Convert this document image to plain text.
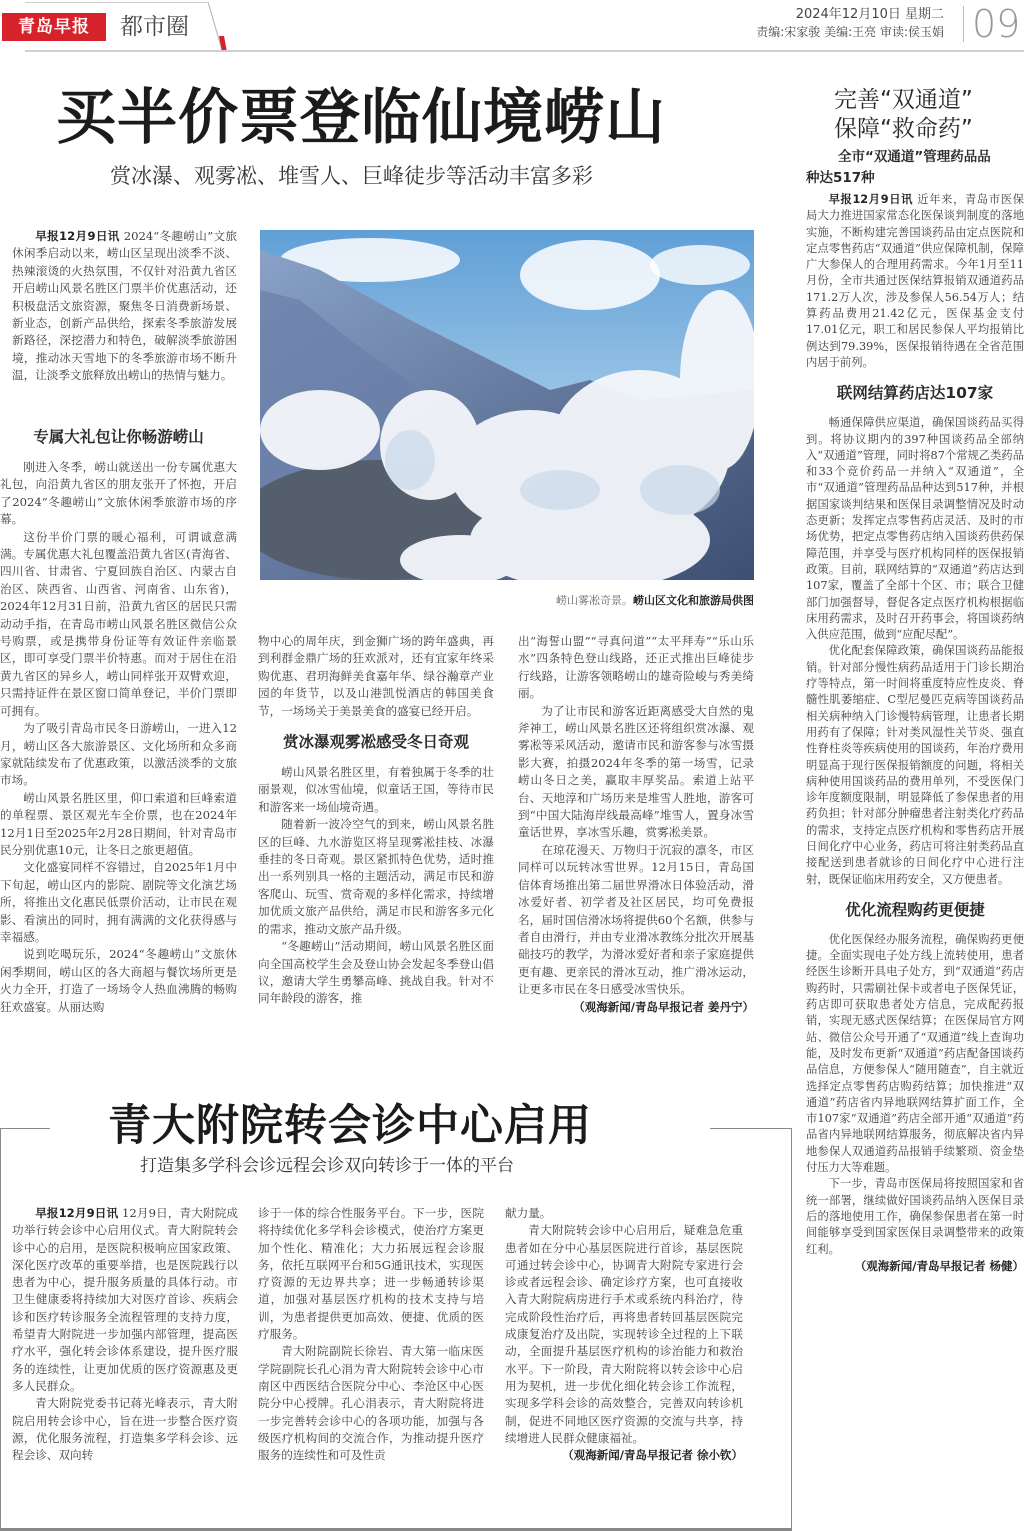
青岛早报	都市圈	2024年12月10日 星期二
责编:宋家骏 美编:王亮 审读:侯玉娟 09
买半价票登临仙境崂山
赏冰瀑、观雾凇、堆雪人、巨峰徒步等活动丰富多彩

早报12月9日讯 2024“冬趣崂山”文旅休闲季启动以来，崂山区呈现出淡季不淡、热辣滚烫的火热氛围，不仅针对沿黄九省区开启崂山风景名胜区门票半价优惠活动，还积极盘活文旅资源，聚焦冬日消费新场景、新业态，创新产品供给，探索冬季旅游发展新路径，深挖潜力和特色，破解淡季旅游困境，推动冰天雪地下的冬季旅游市场不断升温，让淡季文旅释放出崂山的热情与魅力。

专属大礼包让你畅游崂山

刚进入冬季，崂山就送出一份专属优惠大礼包，向沿黄九省区的朋友张开了怀抱，开启了2024“冬趣崂山”文旅休闲季旅游市场的序幕。

这份半价门票的暖心福利，可谓诚意满满。专属优惠大礼包覆盖沿黄九省区(青海省、四川省、甘肃省、宁夏回族自治区、内蒙古自治区、陕西省、山西省、河南省、山东省)，2024年12月31日前，沿黄九省区的居民只需动动手指，在青岛市崂山风景名胜区微信公众号购票，或是携带身份证等有效证件亲临景区，即可享受门票半价特惠。而对于居住在沿黄九省区的异乡人，崂山同样张开双臂欢迎，只需持证件在景区窗口简单登记，半价门票即可拥有。

为了吸引青岛市民冬日游崂山，一进入12月，崂山区各大旅游景区、文化场所和众多商家就陆续发布了优惠政策，以激活淡季的文旅市场。

崂山风景名胜区里，仰口索道和巨峰索道的单程票、景区观光车全价票，也在2024年12月1日至2025年2月28日期间，针对青岛市民分别优惠10元，让冬日之旅更超值。

文化盛宴同样不容错过，自2025年1月中下旬起，崂山区内的影院、剧院等文化演艺场所，将推出文化惠民低票价活动，让市民在观影、看演出的同时，拥有满满的文化获得感与幸福感。

说到吃喝玩乐，2024“冬趣崂山”文旅休闲季期间，崂山区的各大商超与餐饮场所更是火力全开，打造了一场场令人热血沸腾的畅购狂欢盛宴。从丽达购

崂山雾凇奇景。崂山区文化和旅游局供图

物中心的周年庆，到金狮广场的跨年盛典，再到利群金鼎广场的狂欢派对，还有宜家年终采购优惠、君玥海鲜美食嘉年华、绿谷瀚章产业园的年货节，以及山港凯悦酒店的韩国美食节，一场场关于美景美食的盛宴已经开启。

赏冰瀑观雾凇感受冬日奇观

崂山风景名胜区里，有着独属于冬季的壮丽景观，似冰雪仙境，似童话王国，等待市民和游客来一场仙境奇遇。

随着新一波冷空气的到来，崂山风景名胜区的巨峰、九水游览区将呈现雾凇挂枝、冰瀑垂挂的冬日奇观。景区紧抓特色优势，适时推出一系列别具一格的主题活动，满足市民和游客爬山、玩雪、赏奇观的多样化需求，持续增加优质文旅产品供给，满足市民和游客多元化的需求，推动文旅产品升级。

“冬趣崂山”活动期间，崂山风景名胜区面向全国高校学生会及登山协会发起冬季登山倡议，邀请大学生勇攀高峰、挑战自我。针对不同年龄段的游客，推

出“海誓山盟”“寻真问道”“太平拜寿”“乐山乐水”四条特色登山线路，还正式推出巨峰徒步行线路，让游客领略崂山的雄奇险峻与秀美绮丽。

为了让市民和游客近距离感受大自然的鬼斧神工，崂山风景名胜区还将组织赏冰瀑、观雾凇等采风活动，邀请市民和游客参与冰雪摄影大赛，拍摄2024年冬季的第一场雪，记录崂山冬日之美，赢取丰厚奖品。索道上站平台、天地淳和广场历来是堆雪人胜地，游客可到“中国大陆海岸线最高峰”堆雪人，置身冰雪童话世界，享冰雪乐趣，赏雾凇美景。

在琼花漫天、万物归于沉寂的凛冬，市区同样可以玩转冰雪世界。12月15日，青岛国信体育场推出第二届世界滑冰日体验活动，滑冰爱好者、初学者及社区居民，均可免费报名，届时国信滑冰场将提供60个名额，供参与者自由滑行，并由专业滑冰教练分批次开展基础技巧的教学，为滑冰爱好者和亲子家庭提供更有趣、更亲民的滑冰互动，推广滑冰运动，让更多市民在冬日感受冰雪快乐。

（观海新闻/青岛早报记者 姜丹宁）

完善“双通道”
保障“救命药”
全市“双通道”管理药品品
种达517种

早报12月9日讯 近年来，青岛市医保局大力推进国家常态化医保谈判制度的落地实施，不断构建完善国谈药品由定点医院和定点零售药店“双通道”供应保障机制，保障广大参保人的合理用药需求。今年1月至11月份，全市共通过医保结算报销双通道药品171.2万人次，涉及参保人56.54万人；结算药品费用21.42亿元，医保基金支付17.01亿元，职工和居民参保人平均报销比例达到79.39%，医保报销待遇在全省范围内居于前列。

联网结算药店达107家

畅通保障供应渠道，确保国谈药品买得到。将协议期内的397种国谈药品全部纳入“双通道”管理，同时将87个常规乙类药品和33个竞价药品一并纳入“双通道”，全市“双通道”管理药品品种达到517种，并根据国家谈判结果和医保目录调整情况及时动态更新；发挥定点零售药店灵活、及时的市场优势，把定点零售药店纳入国谈药供药保障范围，并享受与医疗机构同样的医保报销政策。目前，联网结算的“双通道”药店达到107家，覆盖了全部十个区、市；联合卫健部门加强督导，督促各定点医疗机构根据临床用药需求，及时召开药事会，将国谈药纳入供应范围，做到“应配尽配”。

优化配套保障政策，确保国谈药品能报销。针对部分慢性病药品适用于门诊长期治疗等特点，第一时间将重度特应性皮炎、脊髓性肌萎缩症、C型尼曼匹克病等国谈药品相关病种纳入门诊慢特病管理，让患者长期用药有了保障；针对类风湿性关节炎、强直性脊柱炎等疾病使用的国谈药，年治疗费用明显高于现行医保报销额度的问题，将相关病种使用国谈药品的费用单列，不受医保门诊年度额度限制，明显降低了参保患者的用药负担；针对部分肿瘤患者注射类化疗药品的需求，支持定点医疗机构和零售药店开展日间化疗中心业务，药店可将注射类药品直接配送到患者就诊的日间化疗中心进行注射，既保证临床用药安全，又方便患者。

优化流程购药更便捷

优化医保经办服务流程，确保购药更便捷。全面实现电子处方线上流转使用，患者经医生诊断开具电子处方，到“双通道”药店购药时，只需刷社保卡或者电子医保凭证，药店即可获取患者处方信息，完成配药报销，实现无感式医保结算；在医保局官方网站、微信公众号开通了“双通道”线上查询功能，及时发布更新“双通道”药店配备国谈药品信息，方便参保人“随用随查”，自主就近选择定点零售药店购药结算；加快推进“双通道”药店省内异地联网结算扩面工作，全市107家“双通道”药店全部开通“双通道”药品省内异地联网结算服务，彻底解决省内异地参保人双通道药品报销手续繁琐、资金垫付压力大等难题。

下一步，青岛市医保局将按照国家和省统一部署，继续做好国谈药品纳入医保目录后的落地使用工作，确保参保患者在第一时间能够享受到国家医保目录调整带来的政策红利。

（观海新闻/青岛早报记者 杨健）

青大附院转会诊中心启用
打造集多学科会诊远程会诊双向转诊于一体的平台

早报12月9日讯 12月9日，青大附院成功举行转会诊中心启用仪式。青大附院转会诊中心的启用，是医院积极响应国家政策、深化医疗改革的重要举措，也是医院践行以患者为中心，提升服务质量的具体行动。市卫生健康委将持续加大对医疗首诊、疾病会诊和医疗转诊服务全流程管理的支持力度，希望青大附院进一步加强内部管理，提高医疗水平，强化转会诊体系建设，提升医疗服务的连续性，让更加优质的医疗资源惠及更多人民群众。

青大附院党委书记蒋光峰表示，青大附院启用转会诊中心，旨在进一步整合医疗资源，优化服务流程，打造集多学科会诊、远程会诊、双向转

诊于一体的综合性服务平台。下一步，医院将持续优化多学科会诊模式，使治疗方案更加个性化、精准化；大力拓展远程会诊服务，依托互联网平台和5G通讯技术，实现医疗资源的无边界共享；进一步畅通转诊渠道，加强对基层医疗机构的技术支持与培训，为患者提供更加高效、便捷、优质的医疗服务。

青大附院副院长徐岩、青大第一临床医学院副院长孔心涓为青大附院转会诊中心市南区中西医结合医院分中心、李沧区中心医院分中心授牌。孔心涓表示，青大附院将进一步完善转会诊中心的各项功能，加强与各级医疗机构间的交流合作，为推动提升医疗服务的连续性和可及性贡

献力量。

青大附院转会诊中心启用后，疑难急危重患者如在分中心基层医院进行首诊，基层医院可通过转会诊中心，协调青大附院专家进行会诊或者远程会诊、确定诊疗方案，也可直接收入青大附院病房进行手术或系统内科治疗，待完成阶段性治疗后，再将患者转回基层医院完成康复治疗及出院，实现转诊全过程的上下联动，全面提升基层医疗机构的诊治能力和救治水平。下一阶段，青大附院将以转会诊中心启用为契机，进一步优化细化转会诊工作流程，实现多学科会诊的高效整合，完善双向转诊机制，促进不同地区医疗资源的交流与共享，持续增进人民群众健康福祉。

（观海新闻/青岛早报记者 徐小钦）
